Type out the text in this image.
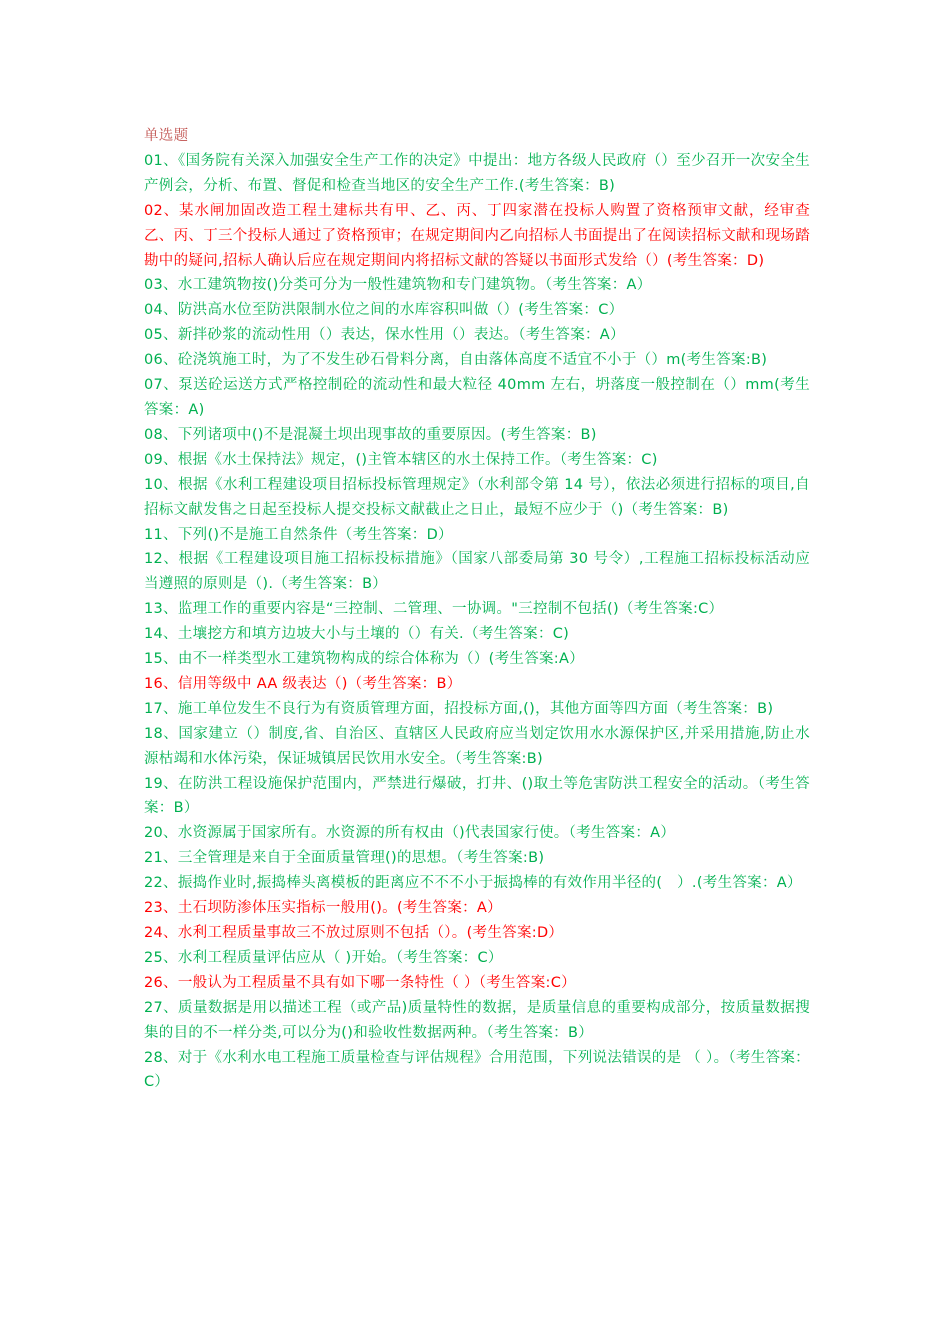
单选题

01、《国务院有关深入加强安全生产工作的决定》中提出：地方各级人民政府（）至少召开一次安全生产例会，分析、布置、督促和检查当地区的安全生产工作.(考生答案：B)

02、某水闸加固改造工程土建标共有甲、乙、丙、丁四家潜在投标人购置了资格预审文献，经审查乙、丙、丁三个投标人通过了资格预审；在规定期间内乙向招标人书面提出了在阅读招标文献和现场踏勘中的疑问,招标人确认后应在规定期间内将招标文献的答疑以书面形式发给（）(考生答案：D)

03、水工建筑物按()分类可分为一般性建筑物和专门建筑物。（考生答案：A）

04、防洪高水位至防洪限制水位之间的水库容积叫做（）(考生答案：C）

05、新拌砂浆的流动性用（）表达，保水性用（）表达。（考生答案：A）

06、砼浇筑施工时，为了不发生砂石骨料分离，自由落体高度不适宜不小于（）m(考生答案:B)

07、泵送砼运送方式严格控制砼的流动性和最大粒径 40mm 左右，坍落度一般控制在（）mm(考生答案：A)

08、下列诸项中()不是混凝土坝出现事故的重要原因。(考生答案：B)

09、根据《水土保持法》规定，()主管本辖区的水土保持工作。（考生答案：C)

10、根据《水利工程建设项目招标投标管理规定》（水利部令第 14 号），依法必须进行招标的项目,自招标文献发售之日起至投标人提交投标文献截止之日止，最短不应少于（)（考生答案：B)

11、下列()不是施工自然条件（考生答案：D）

12、根据《工程建设项目施工招标投标措施》（国家八部委局第 30 号令）,工程施工招标投标活动应当遵照的原则是（).（考生答案：B）

13、监理工作的重要内容是“三控制、二管理、一协调。"三控制不包括()（考生答案:C）

14、土壤挖方和填方边坡大小与土壤的（）有关.（考生答案：C)

15、由不一样类型水工建筑物构成的综合体称为（）(考生答案:A）

16、信用等级中 AA 级表达（)（考生答案：B）

17、施工单位发生不良行为有资质管理方面，招投标方面,()，其他方面等四方面（考生答案：B)

18、国家建立（）制度,省、自治区、直辖区人民政府应当划定饮用水水源保护区,并采用措施,防止水源枯竭和水体污染，保证城镇居民饮用水安全。（考生答案:B)

19、在防洪工程设施保护范围内，严禁进行爆破，打井、()取土等危害防洪工程安全的活动。（考生答案：B）

20、水资源属于国家所有。水资源的所有权由（)代表国家行使。（考生答案：A）

21、三全管理是来自于全面质量管理()的思想。（考生答案:B)

22、振捣作业时,振捣棒头离模板的距离应不不不小于振捣棒的有效作用半径的(　）.(考生答案：A）

23、土石坝防渗体压实指标一般用()。(考生答案：A）

24、水利工程质量事故三不放过原则不包括（）。(考生答案:D）

25、水利工程质量评估应从（ )开始。（考生答案：C）

26、一般认为工程质量不具有如下哪一条特性（ ）（考生答案:C）

27、质量数据是用以描述工程（或产品)质量特性的数据，是质量信息的重要构成部分，按质量数据搜集的目的不一样分类,可以分为()和验收性数据两种。（考生答案：B）

28、对于《水利水电工程施工质量检查与评估规程》合用范围，下列说法错误的是 （ ）。（考生答案：C）
